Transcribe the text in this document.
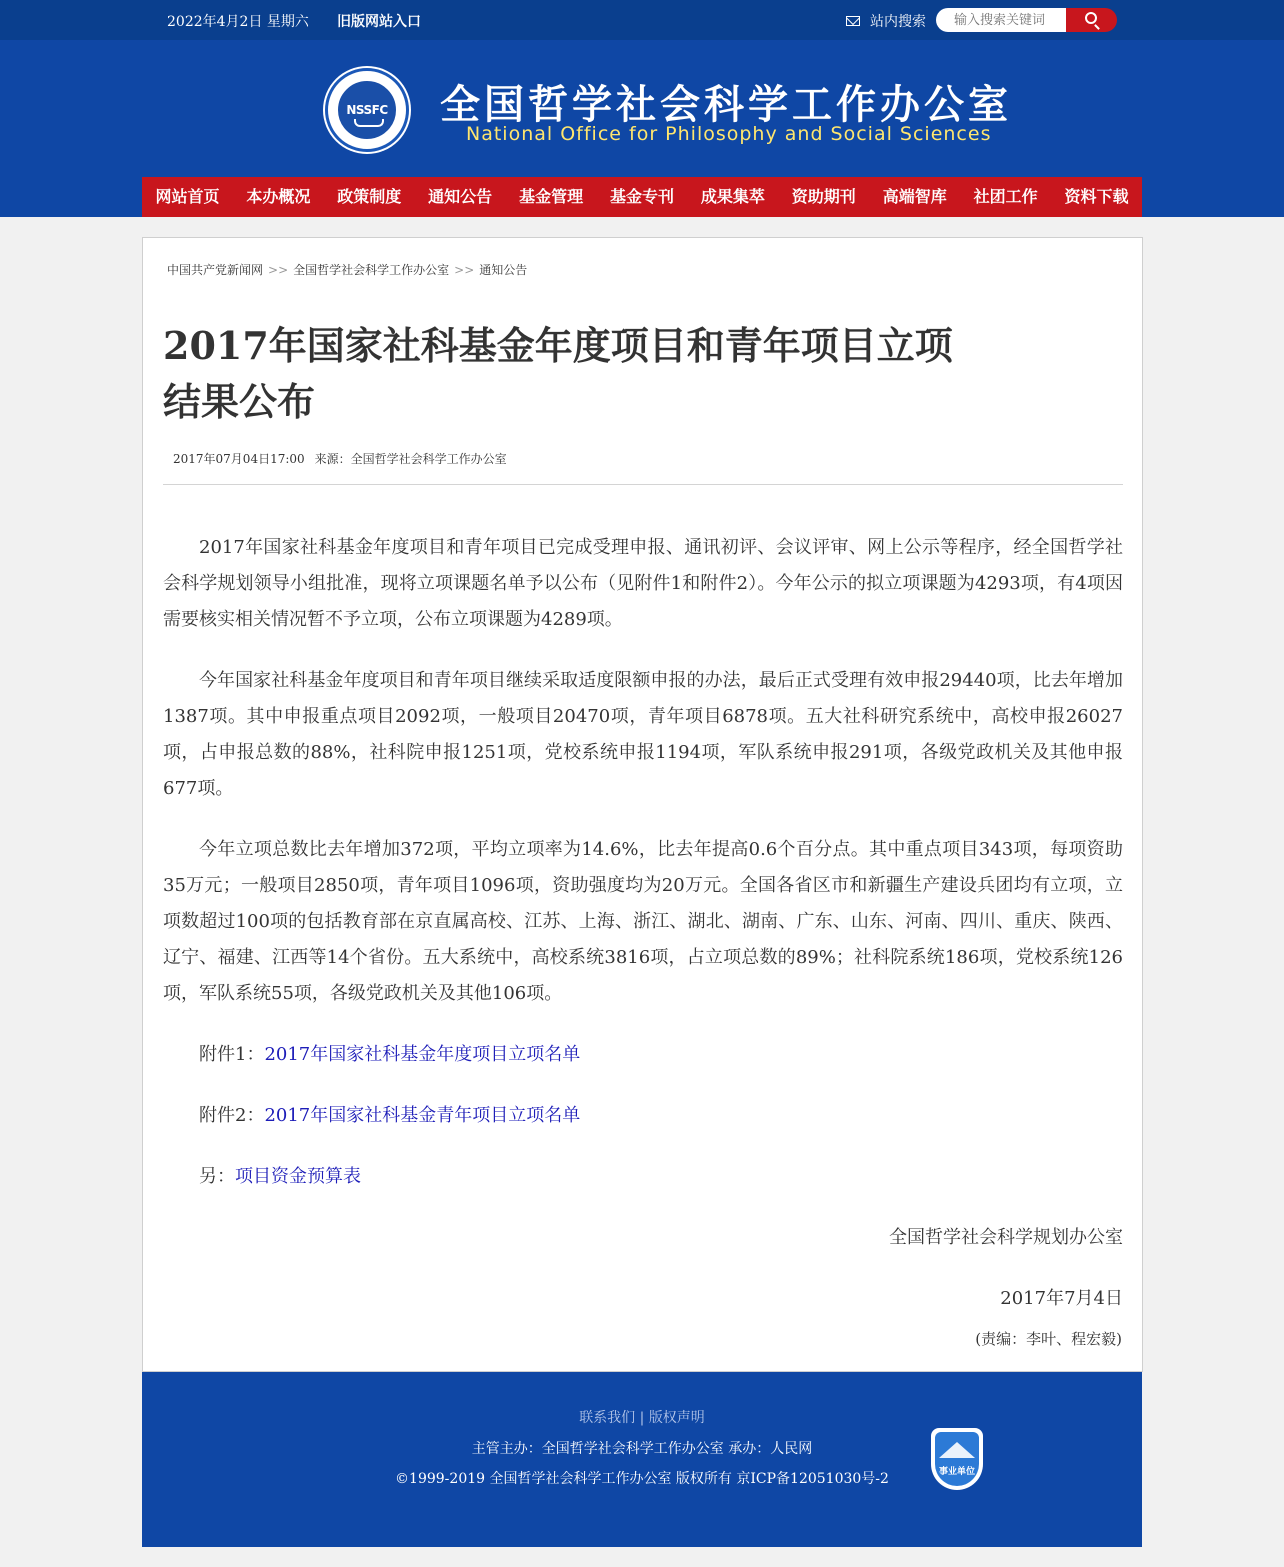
2022年4月2日 星期六 旧版网站入口	站内搜索
输入搜索关键词
NSSFC 全国哲学社会科学工作办公室
National Office for Philosophy and Social Sciences
网站首页	本办概况	政策制度	通知公告	基金管理	基金专刊	成果集萃	资助期刊	高端智库	社团工作	资料下载
中国共产党新闻网 >> 全国哲学社会科学工作办公室 >> 通知公告
2017年国家社科基金年度项目和青年项目立项结果公布
2017年07月04日17:00 来源：全国哲学社会科学工作办公室

2017年国家社科基金年度项目和青年项目已完成受理申报、通讯初评、会议评审、网上公示等程序，经全国哲学社会科学规划领导小组批准，现将立项课题名单予以公布（见附件1和附件2）。今年公示的拟立项课题为4293项，有4项因需要核实相关情况暂不予立项，公布立项课题为4289项。

今年国家社科基金年度项目和青年项目继续采取适度限额申报的办法，最后正式受理有效申报29440项，比去年增加1387项。其中申报重点项目2092项，一般项目20470项，青年项目6878项。五大社科研究系统中，高校申报26027项，占申报总数的88%，社科院申报1251项，党校系统申报1194项，军队系统申报291项，各级党政机关及其他申报677项。

今年立项总数比去年增加372项，平均立项率为14.6%，比去年提高0.6个百分点。其中重点项目343项，每项资助35万元；一般项目2850项，青年项目1096项，资助强度均为20万元。全国各省区市和新疆生产建设兵团均有立项，立项数超过100项的包括教育部在京直属高校、江苏、上海、浙江、湖北、湖南、广东、山东、河南、四川、重庆、陕西、辽宁、福建、江西等14个省份。五大系统中，高校系统3816项，占立项总数的89%；社科院系统186项，党校系统126项，军队系统55项，各级党政机关及其他106项。

附件1：2017年国家社科基金年度项目立项名单

附件2：2017年国家社科基金青年项目立项名单

另：项目资金预算表

全国哲学社会科学规划办公室

2017年7月4日

(责编：李叶、程宏毅)
联系我们 | 版权声明
主管主办：全国哲学社会科学工作办公室 承办：人民网
©1999-2019 全国哲学社会科学工作办公室 版权所有 京ICP备12051030号-2	事业单位
